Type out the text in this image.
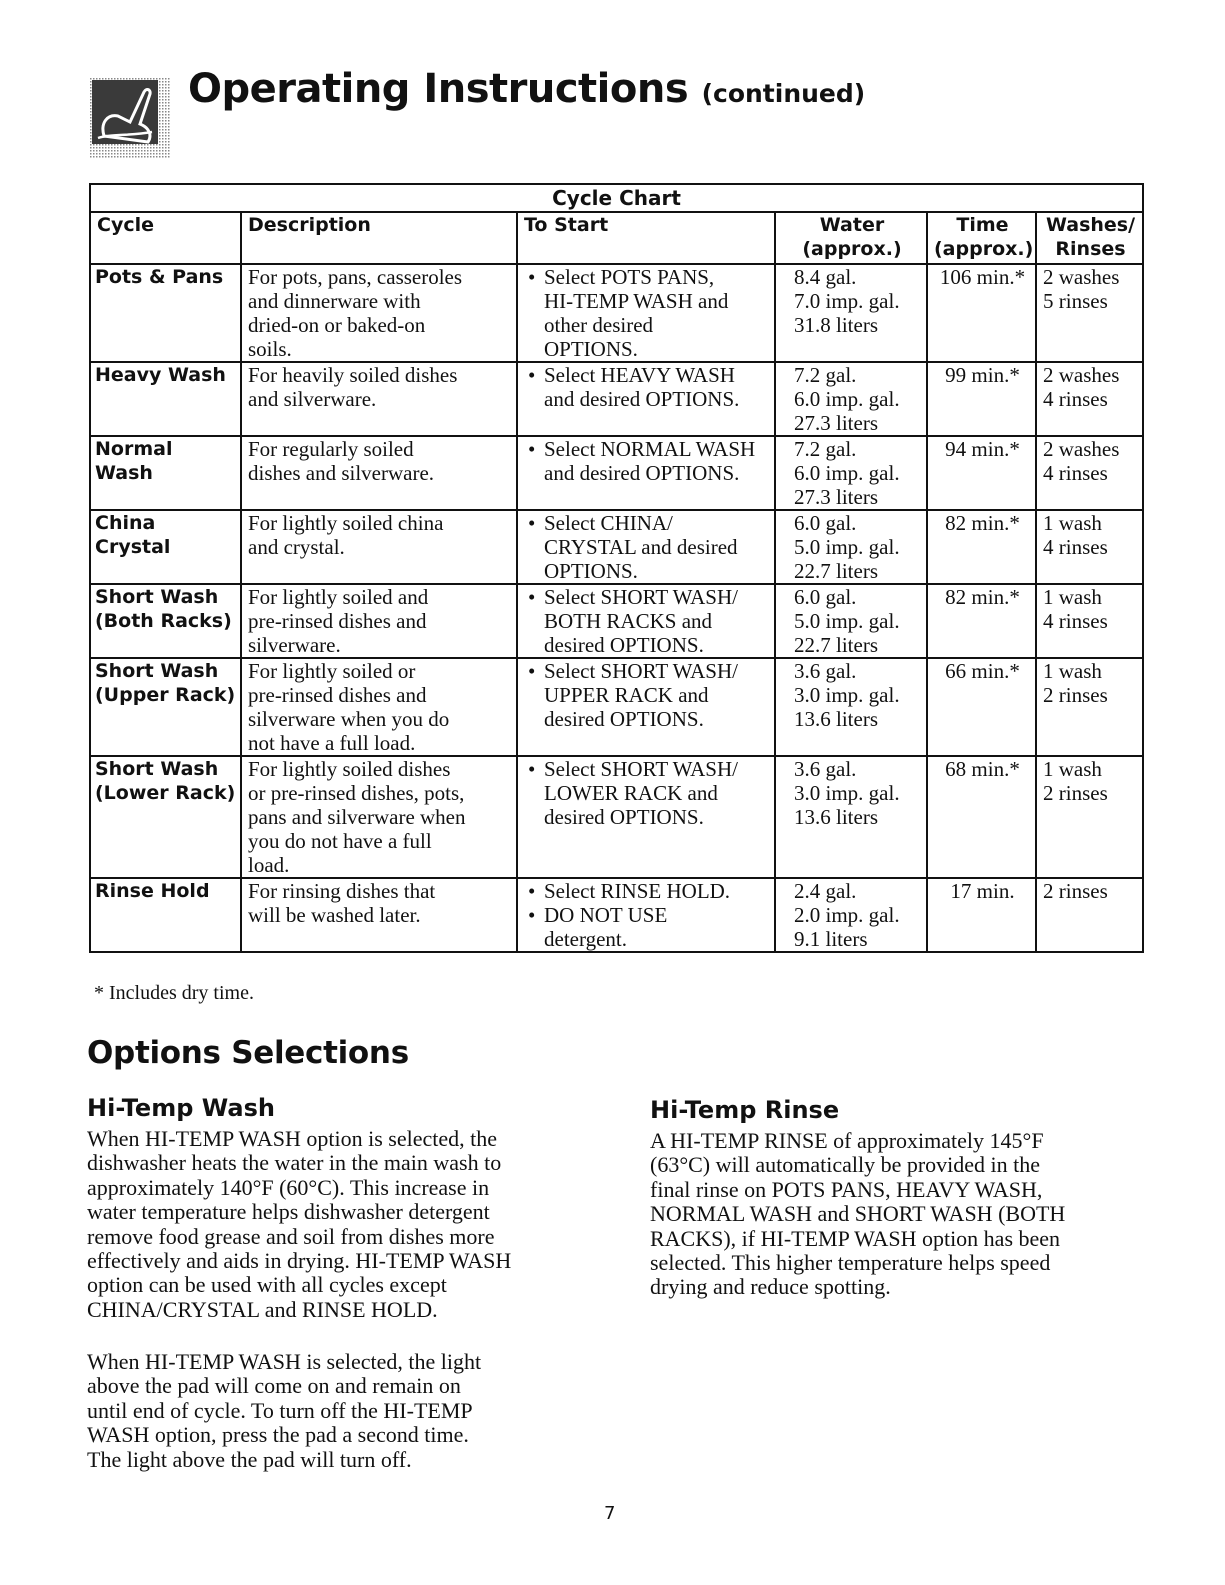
Operating Instructions (continued)
Cycle Chart					
Cycle	Description	To Start	Water
(approx.)	Time
(approx.)	Washes/
Rinses

Pots & Pans	For pots, pans, casseroles
and dinnerware with
dried-on or baked-on
soils.	• Select POTS PANS,
HI-TEMP WASH and
other desired
OPTIONS.	8.4 gal.
7.0 imp. gal.
31.8 liters	106 min.*	2 washes
5 rinses

Heavy Wash	For heavily soiled dishes
and silverware.	• Select HEAVY WASH
and desired OPTIONS.	7.2 gal.
6.0 imp. gal.
27.3 liters	99 min.*	2 washes
4 rinses

Normal
Wash	For regularly soiled
dishes and silverware.	• Select NORMAL WASH
and desired OPTIONS.	7.2 gal.
6.0 imp. gal.
27.3 liters	94 min.*	2 washes
4 rinses

China
Crystal	For lightly soiled china
and crystal.	• Select CHINA/
CRYSTAL and desired
OPTIONS.	6.0 gal.
5.0 imp. gal.
22.7 liters	82 min.*	1 wash
4 rinses

Short Wash
(Both Racks)	For lightly soiled and
pre-rinsed dishes and
silverware.	• Select SHORT WASH/
BOTH RACKS and
desired OPTIONS.	6.0 gal.
5.0 imp. gal.
22.7 liters	82 min.*	1 wash
4 rinses

Short Wash
(Upper Rack)	For lightly soiled or
pre-rinsed dishes and
silverware when you do
not have a full load.	• Select SHORT WASH/
UPPER RACK and
desired OPTIONS.	3.6 gal.
3.0 imp. gal.
13.6 liters	66 min.*	1 wash
2 rinses

Short Wash
(Lower Rack)	For lightly soiled dishes
or pre-rinsed dishes, pots,
pans and silverware when
you do not have a full
load.	• Select SHORT WASH/
LOWER RACK and
desired OPTIONS.	3.6 gal.
3.0 imp. gal.
13.6 liters	68 min.*	1 wash
2 rinses

Rinse Hold	For rinsing dishes that
will be washed later.	• Select RINSE HOLD.
• DO NOT USE
detergent.	2.4 gal.
2.0 imp. gal.
9.1 liters	17 min.	2 rinses

* Includes dry time.

Options Selections
Hi-Temp Wash

When HI-TEMP WASH option is selected, the
dishwasher heats the water in the main wash to
approximately 140°F (60°C). This increase in
water temperature helps dishwasher detergent
remove food grease and soil from dishes more
effectively and aids in drying. HI-TEMP WASH
option can be used with all cycles except
CHINA/CRYSTAL and RINSE HOLD.

When HI-TEMP WASH is selected, the light
above the pad will come on and remain on
until end of cycle. To turn off the HI-TEMP
WASH option, press the pad a second time.
The light above the pad will turn off.

Hi-Temp Rinse

A HI-TEMP RINSE of approximately 145°F
(63°C) will automatically be provided in the
final rinse on POTS PANS, HEAVY WASH,
NORMAL WASH and SHORT WASH (BOTH
RACKS), if HI-TEMP WASH option has been
selected. This higher temperature helps speed
drying and reduce spotting.

7
